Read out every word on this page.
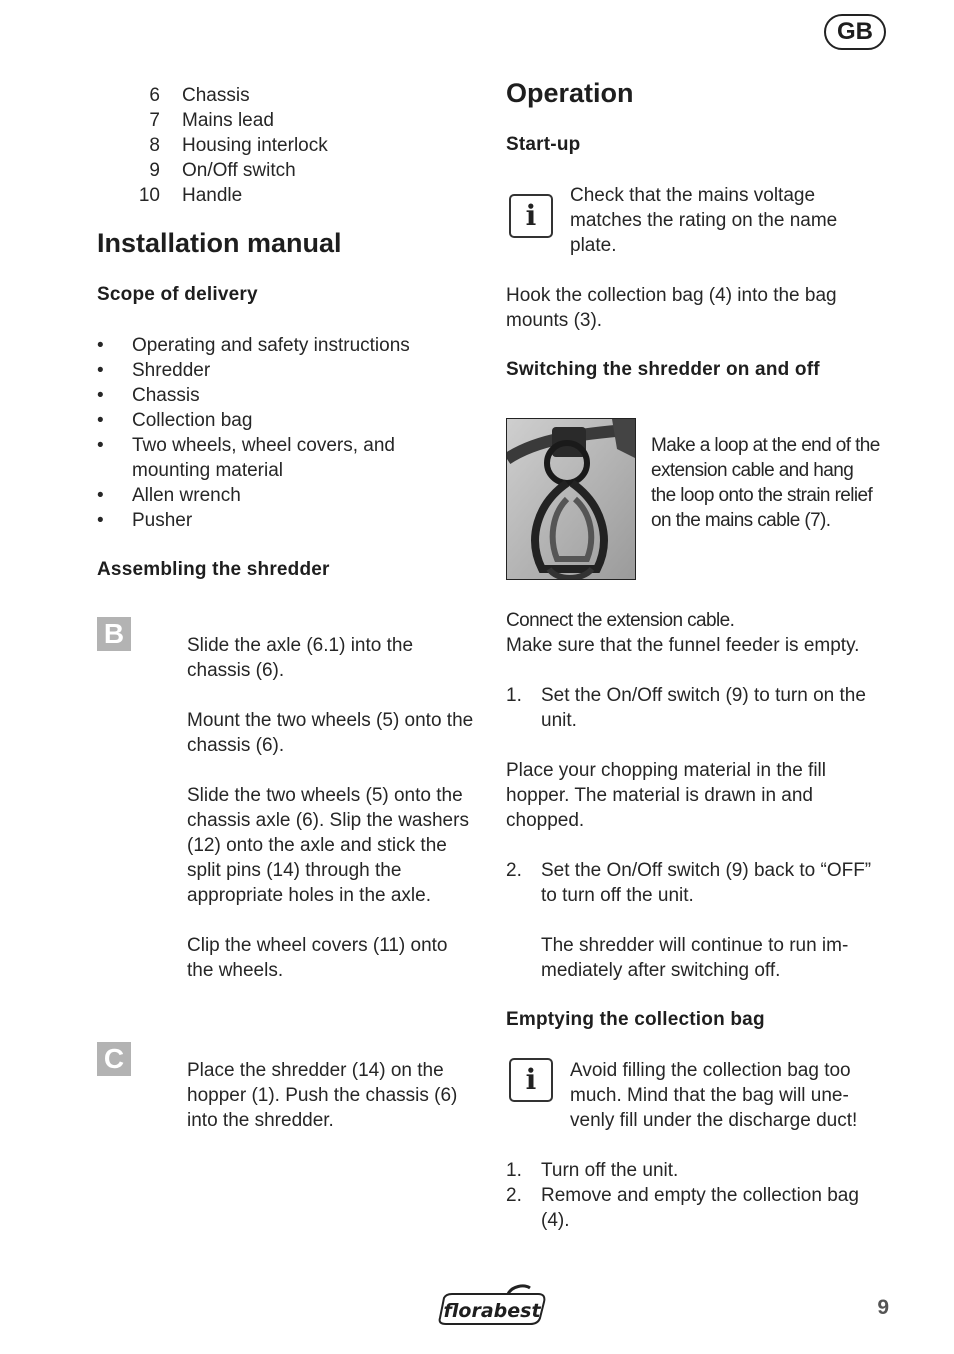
GB
6 Chassis
7 Mains lead
8 Housing interlock
9 On/Off switch
10 Handle
Installation manual
Scope of delivery
• Operating and safety instructions
• Shredder
• Chassis
• Collection bag
• Two wheels, wheel covers, and mounting material
• Allen wrench
• Pusher
Assembling the shredder
B	Slide the axle (6.1) into the chassis (6).
Mount the two wheels (5) onto the chassis (6).
Slide the two wheels (5) onto the chassis axle (6). Slip the washers (12) onto the axle and stick the split pins (14) through the appropriate holes in the axle.
Clip the wheel covers (11) onto the wheels.
C	Place the shredder (14) on the hopper (1). Push the chassis (6) into the shredder.
Operation
Start-up
i
Check that the mains voltage matches the rating on the name plate.
Hook the collection bag (4) into the bag mounts (3).
Switching the shredder on and off
Make a loop at the end of the extension cable and hang the loop onto the strain relief on the mains cable (7).
Connect the extension cable.
Make sure that the funnel feeder is empty.
1. Set the On/Off switch (9) to turn on the unit.
Place your chopping material in the fill hopper. The material is drawn in and chopped.
2. Set the On/Off switch (9) back to “OFF” to turn off the unit.
The shredder will continue to run im-mediately after switching off.
Emptying the collection bag
i	Avoid filling the collection bag too much. Mind that the bag will une-venly fill under the discharge duct!
1. Turn off the unit.
2. Remove and empty the collection bag (4).
florabest	9
